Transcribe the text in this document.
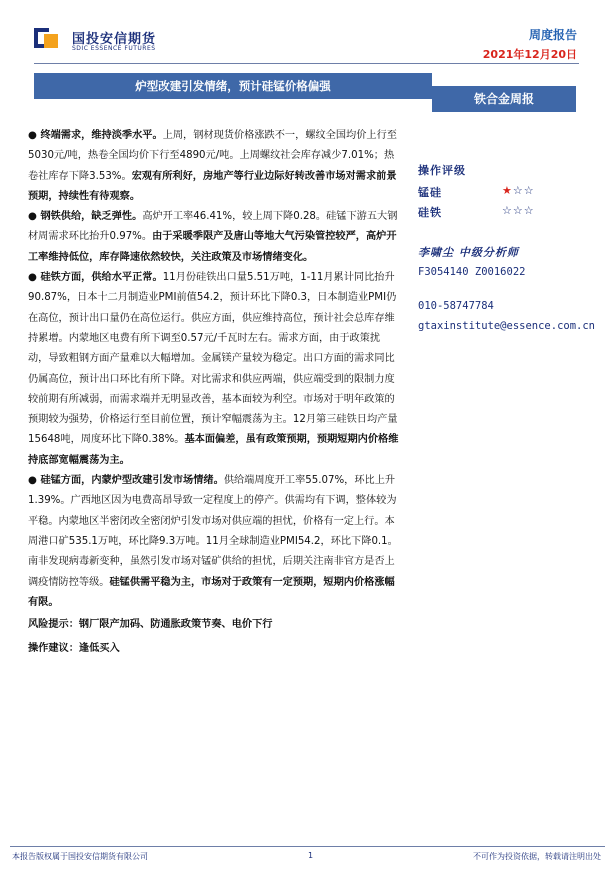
国投安信期货
SDIC ESSENCE FUTURES
周度报告
2021年12月20日
炉型改建引发情绪，预计硅锰价格偏强
铁合金周报

● 终端需求，维持淡季水平。上周，钢材现货价格涨跌不一，螺纹全国均价上行至5030元/吨，热卷全国均价下行至4890元/吨。上周螺纹社会库存减少7.01%；热卷社库存下降3.53%。宏观有所利好，房地产等行业边际好转改善市场对需求前景预期，持续性有待观察。

● 钢铁供给，缺乏弹性。高炉开工率46.41%，较上周下降0.28。硅锰下游五大钢材周需求环比抬升0.97%。由于采暖季限产及唐山等地大气污染管控较严，高炉开工率维持低位，库存降速依然较快，关注政策及市场情绪变化。

● 硅铁方面，供给水平正常。11月份硅铁出口量5.51万吨，1-11月累计同比抬升90.87%，日本十二月制造业PMI前值54.2，预计环比下降0.3，日本制造业PMI仍在高位，预计出口量仍在高位运行。供应方面，供应维持高位，预计社会总库存维持累增。内蒙地区电费有所下调至0.57元/千瓦时左右。需求方面，由于政策扰动，导致粗钢方面产量难以大幅增加。金属镁产量较为稳定。出口方面的需求同比仍属高位，预计出口环比有所下降。对比需求和供应两端，供应端受到的限制力度较前期有所减弱，而需求端并无明显改善，基本面较为利空。市场对于明年政策的预期较为强势，价格运行至目前位置，预计窄幅震荡为主。12月第三硅铁日均产量15648吨，周度环比下降0.38%。基本面偏差，虽有政策预期，预期短期内价格维持底部宽幅震荡为主。

● 硅锰方面，内蒙炉型改建引发市场情绪。供给端周度开工率55.07%，环比上升1.39%。广西地区因为电费高昂导致一定程度上的停产。供需均有下调，整体较为平稳。内蒙地区半密闭改全密闭炉引发市场对供应端的担忧，价格有一定上行。本周港口矿535.1万吨，环比降9.3万吨。11月全球制造业PMI54.2，环比下降0.1。南非发现病毒新变种，虽然引发市场对锰矿供给的担忧，后期关注南非官方是否上调疫情防控等级。硅锰供需平稳为主，市场对于政策有一定预期，短期内价格涨幅有限。

风险提示：钢厂限产加码、防通胀政策节奏、电价下行

操作建议：逢低买入

操作评级
锰硅	★☆☆
硅铁	☆☆☆
李啸尘 中级分析师
F3054140 Z0016022
010-58747784
gtaxinstitute@essence.com.cn
本报告版权属于国投安信期货有限公司	1	不可作为投资依据，转载请注明出处
